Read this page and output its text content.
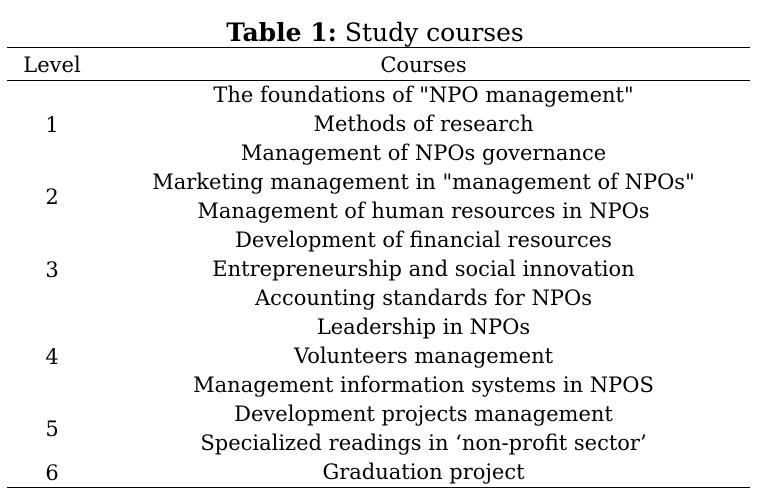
Table 1: Study courses
Level	Courses
1
The foundations of "NPO management"
Methods of research
Management of NPOs governance
2
Marketing management in "management of NPOs"
Management of human resources in NPOs
3
Development of financial resources
Entrepreneurship and social innovation
Accounting standards for NPOs
4
Leadership in NPOs
Volunteers management
Management information systems in NPOS
5
Development projects management
Specialized readings in ‘non-profit sector’
6	Graduation project
